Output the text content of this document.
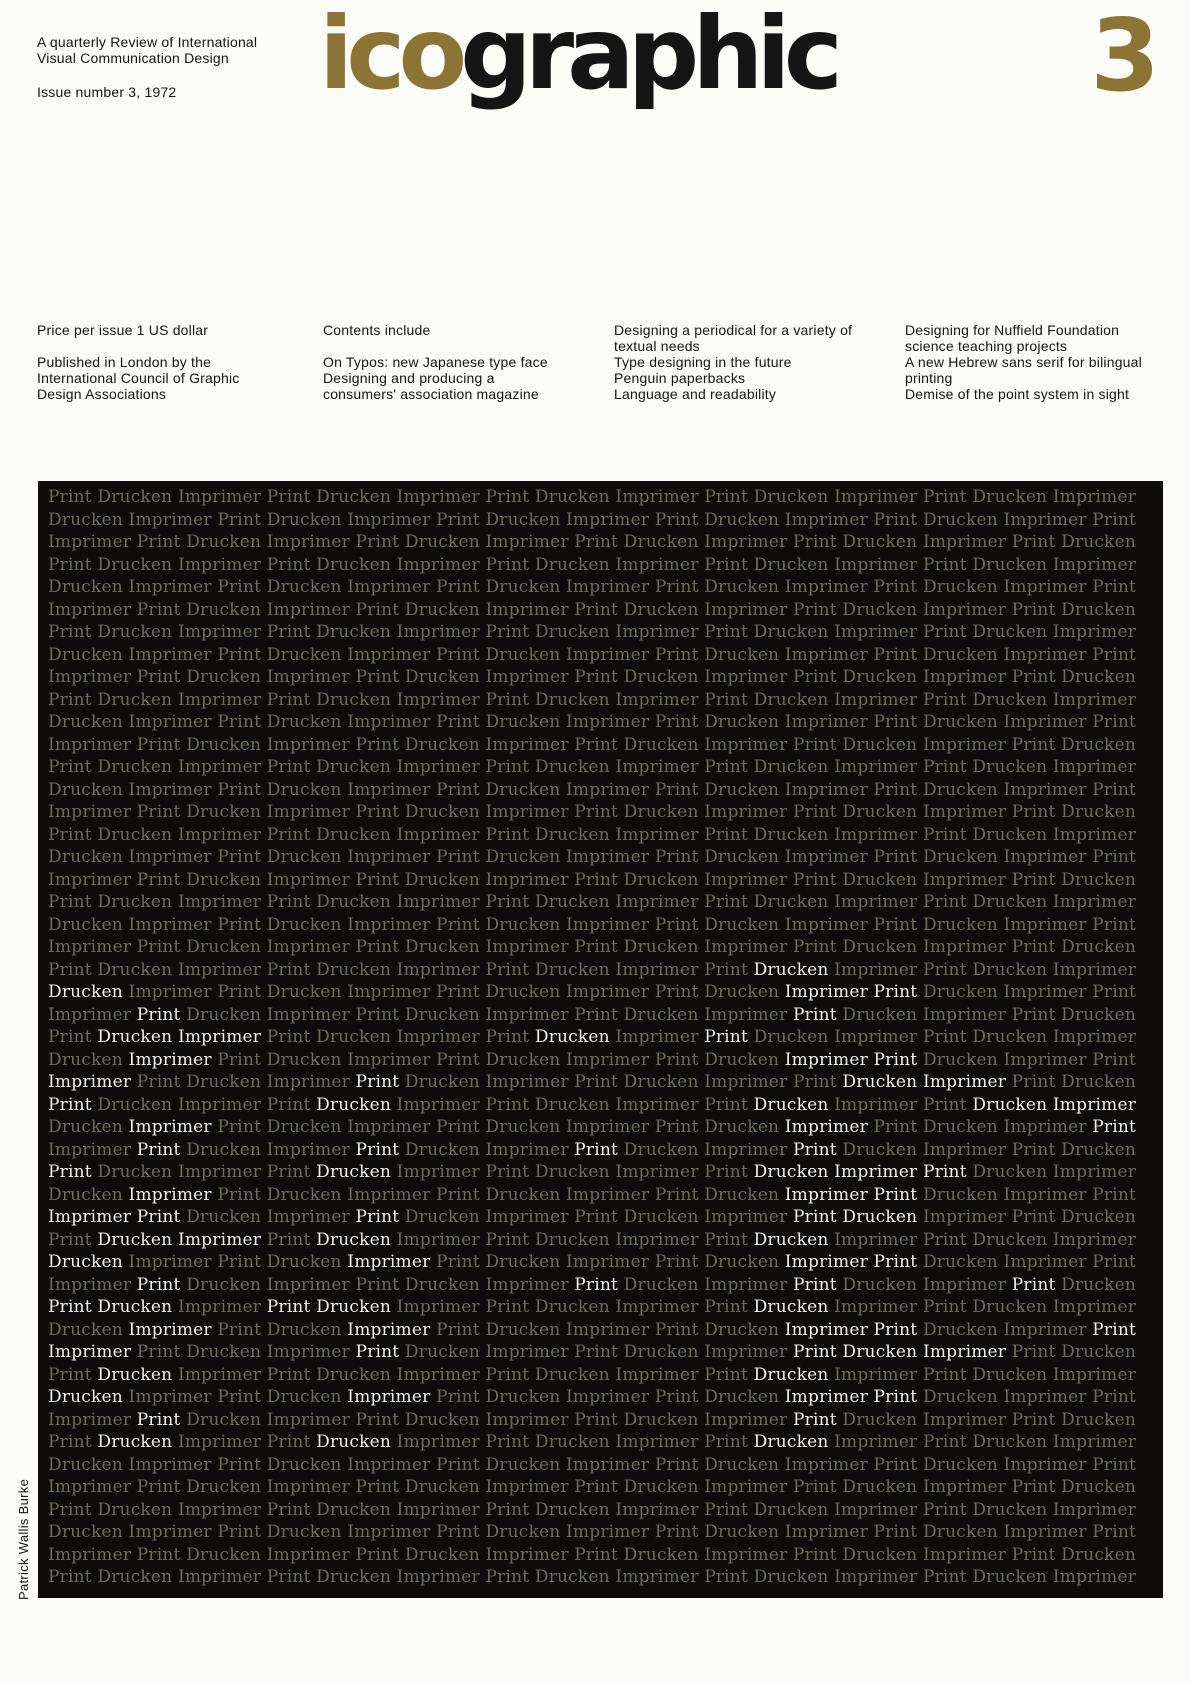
A quarterly Review of International
Visual Communication Design
Issue number 3, 1972 icographic	3

Price per issue 1 US dollar

Published in London by the
International Council of Graphic
Design Associations

Contents include

On Typos: new Japanese type face
Designing and producing a
consumers' association magazine

Designing a periodical for a variety of
textual needs
Type designing in the future
Penguin paperbacks
Language and readability

Designing for Nuffield Foundation
science teaching projects
A new Hebrew sans serif for bilingual
printing
Demise of the point system in sight

Print Drucken Imprimer Print Drucken Imprimer Print Drucken Imprimer Print Drucken Imprimer Print Drucken Imprimer
Drucken Imprimer Print Drucken Imprimer Print Drucken Imprimer Print Drucken Imprimer Print Drucken Imprimer Print
Imprimer Print Drucken Imprimer Print Drucken Imprimer Print Drucken Imprimer Print Drucken Imprimer Print Drucken
Print Drucken Imprimer Print Drucken Imprimer Print Drucken Imprimer Print Drucken Imprimer Print Drucken Imprimer
Drucken Imprimer Print Drucken Imprimer Print Drucken Imprimer Print Drucken Imprimer Print Drucken Imprimer Print
Imprimer Print Drucken Imprimer Print Drucken Imprimer Print Drucken Imprimer Print Drucken Imprimer Print Drucken
Print Drucken Imprimer Print Drucken Imprimer Print Drucken Imprimer Print Drucken Imprimer Print Drucken Imprimer
Drucken Imprimer Print Drucken Imprimer Print Drucken Imprimer Print Drucken Imprimer Print Drucken Imprimer Print
Imprimer Print Drucken Imprimer Print Drucken Imprimer Print Drucken Imprimer Print Drucken Imprimer Print Drucken
Print Drucken Imprimer Print Drucken Imprimer Print Drucken Imprimer Print Drucken Imprimer Print Drucken Imprimer
Drucken Imprimer Print Drucken Imprimer Print Drucken Imprimer Print Drucken Imprimer Print Drucken Imprimer Print
Imprimer Print Drucken Imprimer Print Drucken Imprimer Print Drucken Imprimer Print Drucken Imprimer Print Drucken
Print Drucken Imprimer Print Drucken Imprimer Print Drucken Imprimer Print Drucken Imprimer Print Drucken Imprimer
Drucken Imprimer Print Drucken Imprimer Print Drucken Imprimer Print Drucken Imprimer Print Drucken Imprimer Print
Imprimer Print Drucken Imprimer Print Drucken Imprimer Print Drucken Imprimer Print Drucken Imprimer Print Drucken
Print Drucken Imprimer Print Drucken Imprimer Print Drucken Imprimer Print Drucken Imprimer Print Drucken Imprimer
Drucken Imprimer Print Drucken Imprimer Print Drucken Imprimer Print Drucken Imprimer Print Drucken Imprimer Print
Imprimer Print Drucken Imprimer Print Drucken Imprimer Print Drucken Imprimer Print Drucken Imprimer Print Drucken
Print Drucken Imprimer Print Drucken Imprimer Print Drucken Imprimer Print Drucken Imprimer Print Drucken Imprimer
Drucken Imprimer Print Drucken Imprimer Print Drucken Imprimer Print Drucken Imprimer Print Drucken Imprimer Print
Imprimer Print Drucken Imprimer Print Drucken Imprimer Print Drucken Imprimer Print Drucken Imprimer Print Drucken
Print Drucken Imprimer Print Drucken Imprimer Print Drucken Imprimer Print Drucken Imprimer Print Drucken Imprimer
Drucken Imprimer Print Drucken Imprimer Print Drucken Imprimer Print Drucken Imprimer Print Drucken Imprimer Print
Imprimer Print Drucken Imprimer Print Drucken Imprimer Print Drucken Imprimer Print Drucken Imprimer Print Drucken
Print Drucken Imprimer Print Drucken Imprimer Print Drucken Imprimer Print Drucken Imprimer Print Drucken Imprimer
Drucken Imprimer Print Drucken Imprimer Print Drucken Imprimer Print Drucken Imprimer Print Drucken Imprimer Print
Imprimer Print Drucken Imprimer Print Drucken Imprimer Print Drucken Imprimer Print Drucken Imprimer Print Drucken
Print Drucken Imprimer Print Drucken Imprimer Print Drucken Imprimer Print Drucken Imprimer Print Drucken Imprimer
Drucken Imprimer Print Drucken Imprimer Print Drucken Imprimer Print Drucken Imprimer Print Drucken Imprimer Print
Imprimer Print Drucken Imprimer Print Drucken Imprimer Print Drucken Imprimer Print Drucken Imprimer Print Drucken
Print Drucken Imprimer Print Drucken Imprimer Print Drucken Imprimer Print Drucken Imprimer Print Drucken Imprimer
Drucken Imprimer Print Drucken Imprimer Print Drucken Imprimer Print Drucken Imprimer Print Drucken Imprimer Print
Imprimer Print Drucken Imprimer Print Drucken Imprimer Print Drucken Imprimer Print Drucken Imprimer Print Drucken
Print Drucken Imprimer Print Drucken Imprimer Print Drucken Imprimer Print Drucken Imprimer Print Drucken Imprimer
Drucken Imprimer Print Drucken Imprimer Print Drucken Imprimer Print Drucken Imprimer Print Drucken Imprimer Print
Imprimer Print Drucken Imprimer Print Drucken Imprimer Print Drucken Imprimer Print Drucken Imprimer Print Drucken
Print Drucken Imprimer Print Drucken Imprimer Print Drucken Imprimer Print Drucken Imprimer Print Drucken Imprimer
Drucken Imprimer Print Drucken Imprimer Print Drucken Imprimer Print Drucken Imprimer Print Drucken Imprimer Print
Imprimer Print Drucken Imprimer Print Drucken Imprimer Print Drucken Imprimer Print Drucken Imprimer Print Drucken
Print Drucken Imprimer Print Drucken Imprimer Print Drucken Imprimer Print Drucken Imprimer Print Drucken Imprimer
Drucken Imprimer Print Drucken Imprimer Print Drucken Imprimer Print Drucken Imprimer Print Drucken Imprimer Print
Imprimer Print Drucken Imprimer Print Drucken Imprimer Print Drucken Imprimer Print Drucken Imprimer Print Drucken
Print Drucken Imprimer Print Drucken Imprimer Print Drucken Imprimer Print Drucken Imprimer Print Drucken Imprimer
Drucken Imprimer Print Drucken Imprimer Print Drucken Imprimer Print Drucken Imprimer Print Drucken Imprimer Print
Imprimer Print Drucken Imprimer Print Drucken Imprimer Print Drucken Imprimer Print Drucken Imprimer Print Drucken
Print Drucken Imprimer Print Drucken Imprimer Print Drucken Imprimer Print Drucken Imprimer Print Drucken Imprimer
Drucken Imprimer Print Drucken Imprimer Print Drucken Imprimer Print Drucken Imprimer Print Drucken Imprimer Print
Imprimer Print Drucken Imprimer Print Drucken Imprimer Print Drucken Imprimer Print Drucken Imprimer Print Drucken
Print Drucken Imprimer Print Drucken Imprimer Print Drucken Imprimer Print Drucken Imprimer Print Drucken Imprimer
Patrick Wallis Burke
